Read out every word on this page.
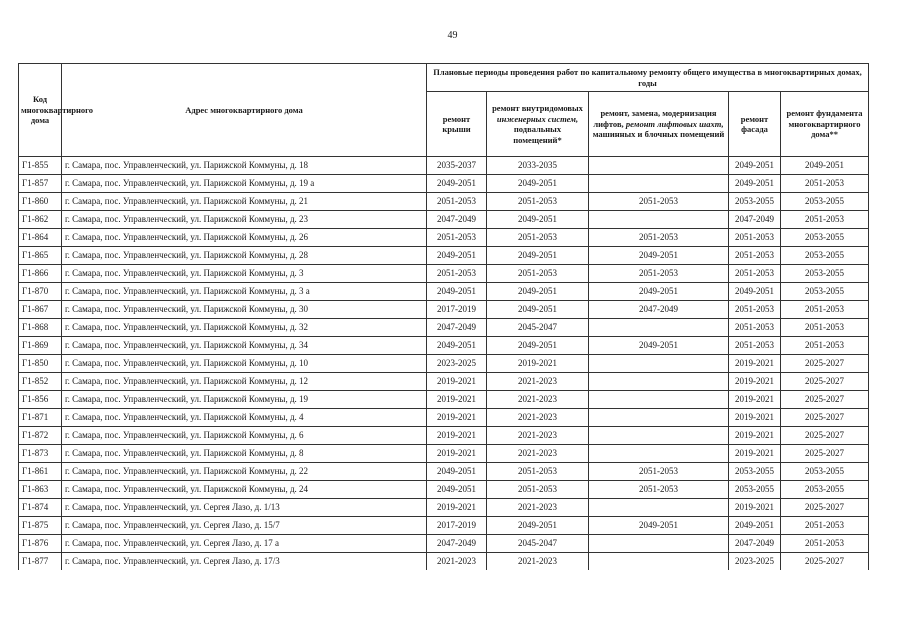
49
Код многоквартирного дома	Адрес многоквартирного дома	Плановые периоды проведения работ по капитальному ремонту общего имущества в многоквартирных домах, годы				
		ремонт крыши	ремонт внутридомовых инженерных систем, подвальных помещений*	ремонт, замена, модернизация лифтов, ремонт лифтовых шахт, машинных и блочных помещений	ремонт фасада	ремонт фундамента многоквартирного дома**
Г1-855	г. Самара, пос. Управленческий, ул. Парижской Коммуны, д. 18	2035-2037	2033-2035		2049-2051	2049-2051
Г1-857	г. Самара, пос. Управленческий, ул. Парижской Коммуны, д. 19 а	2049-2051	2049-2051		2049-2051	2051-2053
Г1-860	г. Самара, пос. Управленческий, ул. Парижской Коммуны, д. 21	2051-2053	2051-2053	2051-2053	2053-2055	2053-2055
Г1-862	г. Самара, пос. Управленческий, ул. Парижской Коммуны, д. 23	2047-2049	2049-2051		2047-2049	2051-2053
Г1-864	г. Самара, пос. Управленческий, ул. Парижской Коммуны, д. 26	2051-2053	2051-2053	2051-2053	2051-2053	2053-2055
Г1-865	г. Самара, пос. Управленческий, ул. Парижской Коммуны, д. 28	2049-2051	2049-2051	2049-2051	2051-2053	2053-2055
Г1-866	г. Самара, пос. Управленческий, ул. Парижской Коммуны, д. 3	2051-2053	2051-2053	2051-2053	2051-2053	2053-2055
Г1-870	г. Самара, пос. Управленческий, ул. Парижской Коммуны, д. 3 а	2049-2051	2049-2051	2049-2051	2049-2051	2053-2055
Г1-867	г. Самара, пос. Управленческий, ул. Парижской Коммуны, д. 30	2017-2019	2049-2051	2047-2049	2051-2053	2051-2053
Г1-868	г. Самара, пос. Управленческий, ул. Парижской Коммуны, д. 32	2047-2049	2045-2047		2051-2053	2051-2053
Г1-869	г. Самара, пос. Управленческий, ул. Парижской Коммуны, д. 34	2049-2051	2049-2051	2049-2051	2051-2053	2051-2053
Г1-850	г. Самара, пос. Управленческий, ул. Парижской Коммуны, д. 10	2023-2025	2019-2021		2019-2021	2025-2027
Г1-852	г. Самара, пос. Управленческий, ул. Парижской Коммуны, д. 12	2019-2021	2021-2023		2019-2021	2025-2027
Г1-856	г. Самара, пос. Управленческий, ул. Парижской Коммуны, д. 19	2019-2021	2021-2023		2019-2021	2025-2027
Г1-871	г. Самара, пос. Управленческий, ул. Парижской Коммуны, д. 4	2019-2021	2021-2023		2019-2021	2025-2027
Г1-872	г. Самара, пос. Управленческий, ул. Парижской Коммуны, д. 6	2019-2021	2021-2023		2019-2021	2025-2027
Г1-873	г. Самара, пос. Управленческий, ул. Парижской Коммуны, д. 8	2019-2021	2021-2023		2019-2021	2025-2027
Г1-861	г. Самара, пос. Управленческий, ул. Парижской Коммуны, д. 22	2049-2051	2051-2053	2051-2053	2053-2055	2053-2055
Г1-863	г. Самара, пос. Управленческий, ул. Парижской Коммуны, д. 24	2049-2051	2051-2053	2051-2053	2053-2055	2053-2055
Г1-874	г. Самара, пос. Управленческий, ул. Сергея Лазо, д. 1/13	2019-2021	2021-2023		2019-2021	2025-2027
Г1-875	г. Самара, пос. Управленческий, ул. Сергея Лазо, д. 15/7	2017-2019	2049-2051	2049-2051	2049-2051	2051-2053
Г1-876	г. Самара, пос. Управленческий, ул. Сергея Лазо, д. 17 а	2047-2049	2045-2047		2047-2049	2051-2053
Г1-877	г. Самара, пос. Управленческий, ул. Сергея Лазо, д. 17/3	2021-2023	2021-2023		2023-2025	2025-2027
